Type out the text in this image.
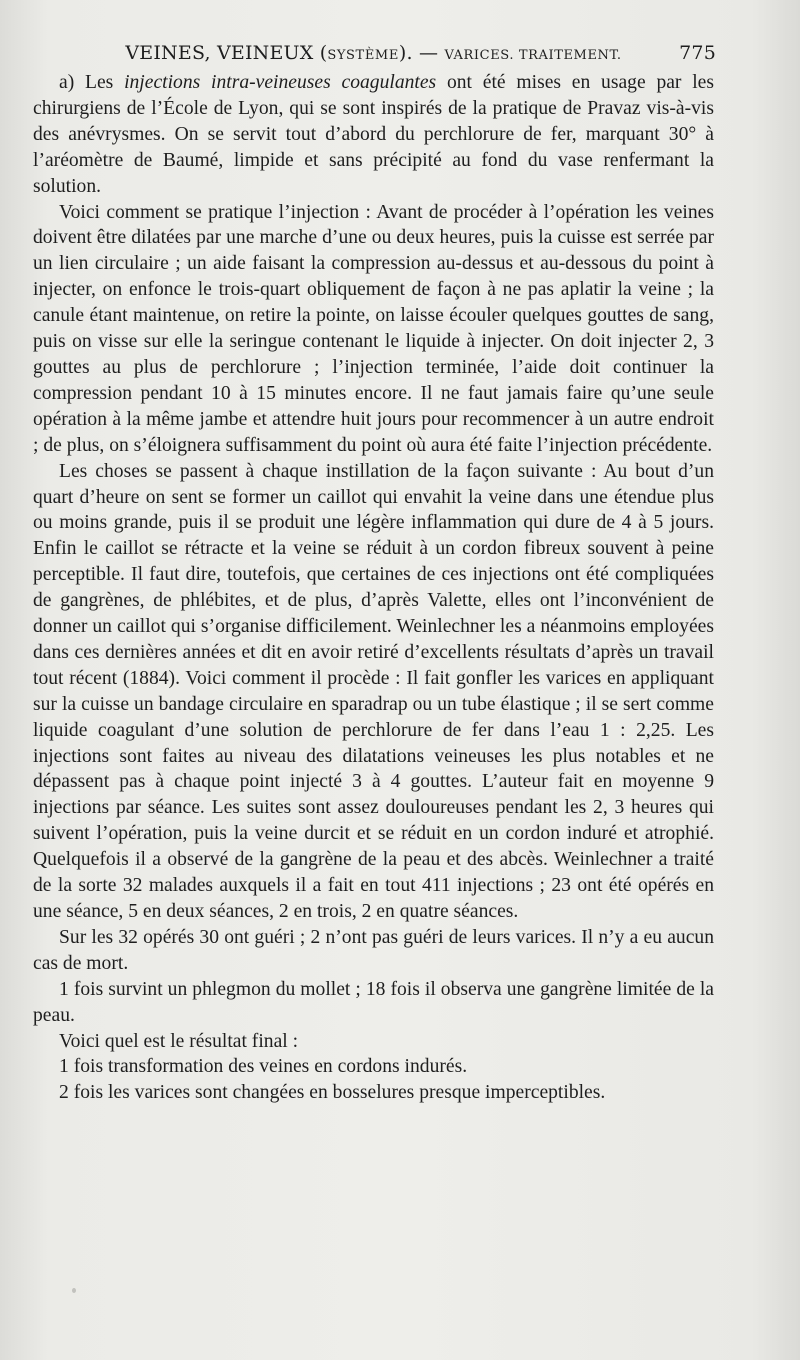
VEINES, VEINEUX (SYSTÈME). — VARICES. TRAITEMENT.	775

a) Les injections intra-veineuses coagulantes ont été mises en usage par les chirurgiens de l’École de Lyon, qui se sont inspirés de la pratique de Pravaz vis-à-vis des anévrysmes. On se servit tout d’abord du perchlorure de fer, marquant 30° à l’aréomètre de Baumé, limpide et sans précipité au fond du vase renfermant la solution.

Voici comment se pratique l’injection : Avant de procéder à l’opération les veines doivent être dilatées par une marche d’une ou deux heures, puis la cuisse est serrée par un lien circulaire ; un aide faisant la compression au-dessus et au-dessous du point à injecter, on enfonce le trois-quart obliquement de façon à ne pas aplatir la veine ; la canule étant maintenue, on retire la pointe, on laisse écouler quelques gouttes de sang, puis on visse sur elle la seringue contenant le liquide à injecter. On doit injecter 2, 3 gouttes au plus de perchlorure ; l’injection terminée, l’aide doit continuer la compression pendant 10 à 15 minutes encore. Il ne faut jamais faire qu’une seule opération à la même jambe et attendre huit jours pour recommencer à un autre endroit ; de plus, on s’éloignera suffisamment du point où aura été faite l’injection précédente.

Les choses se passent à chaque instillation de la façon suivante : Au bout d’un quart d’heure on sent se former un caillot qui envahit la veine dans une étendue plus ou moins grande, puis il se produit une légère inflammation qui dure de 4 à 5 jours. Enfin le caillot se rétracte et la veine se réduit à un cordon fibreux souvent à peine perceptible. Il faut dire, toutefois, que certaines de ces injections ont été compliquées de gangrènes, de phlébites, et de plus, d’après Valette, elles ont l’inconvénient de donner un caillot qui s’organise difficilement. Weinlechner les a néanmoins employées dans ces dernières années et dit en avoir retiré d’excellents résultats d’après un travail tout récent (1884). Voici comment il procède : Il fait gonfler les varices en appliquant sur la cuisse un bandage circulaire en sparadrap ou un tube élastique ; il se sert comme liquide coagulant d’une solution de perchlorure de fer dans l’eau 1 : 2,25. Les injections sont faites au niveau des dilatations veineuses les plus notables et ne dépassent pas à chaque point injecté 3 à 4 gouttes. L’auteur fait en moyenne 9 injections par séance. Les suites sont assez douloureuses pendant les 2, 3 heures qui suivent l’opération, puis la veine durcit et se réduit en un cordon induré et atrophié. Quelquefois il a observé de la gangrène de la peau et des abcès. Weinlechner a traité de la sorte 32 malades auxquels il a fait en tout 411 injections ; 23 ont été opérés en une séance, 5 en deux séances, 2 en trois, 2 en quatre séances.

Sur les 32 opérés 30 ont guéri ; 2 n’ont pas guéri de leurs varices. Il n’y a eu aucun cas de mort.

1 fois survint un phlegmon du mollet ; 18 fois il observa une gangrène limitée de la peau.

Voici quel est le résultat final :

1 fois transformation des veines en cordons indurés.

2 fois les varices sont changées en bosselures presque imperceptibles.
